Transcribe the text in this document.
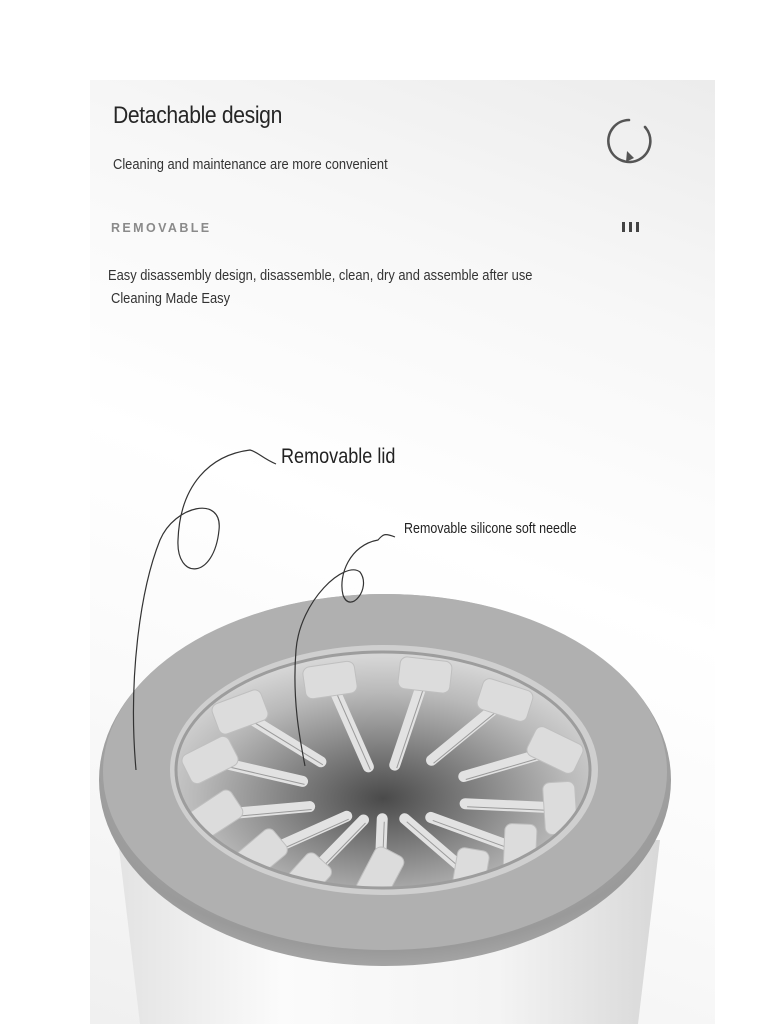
Detachable design
Cleaning and maintenance are more convenient
REMOVABLE
Easy disassembly design, disassemble, clean, dry and assemble after use
Cleaning Made Easy
Removable lid
Removable silicone soft needle
